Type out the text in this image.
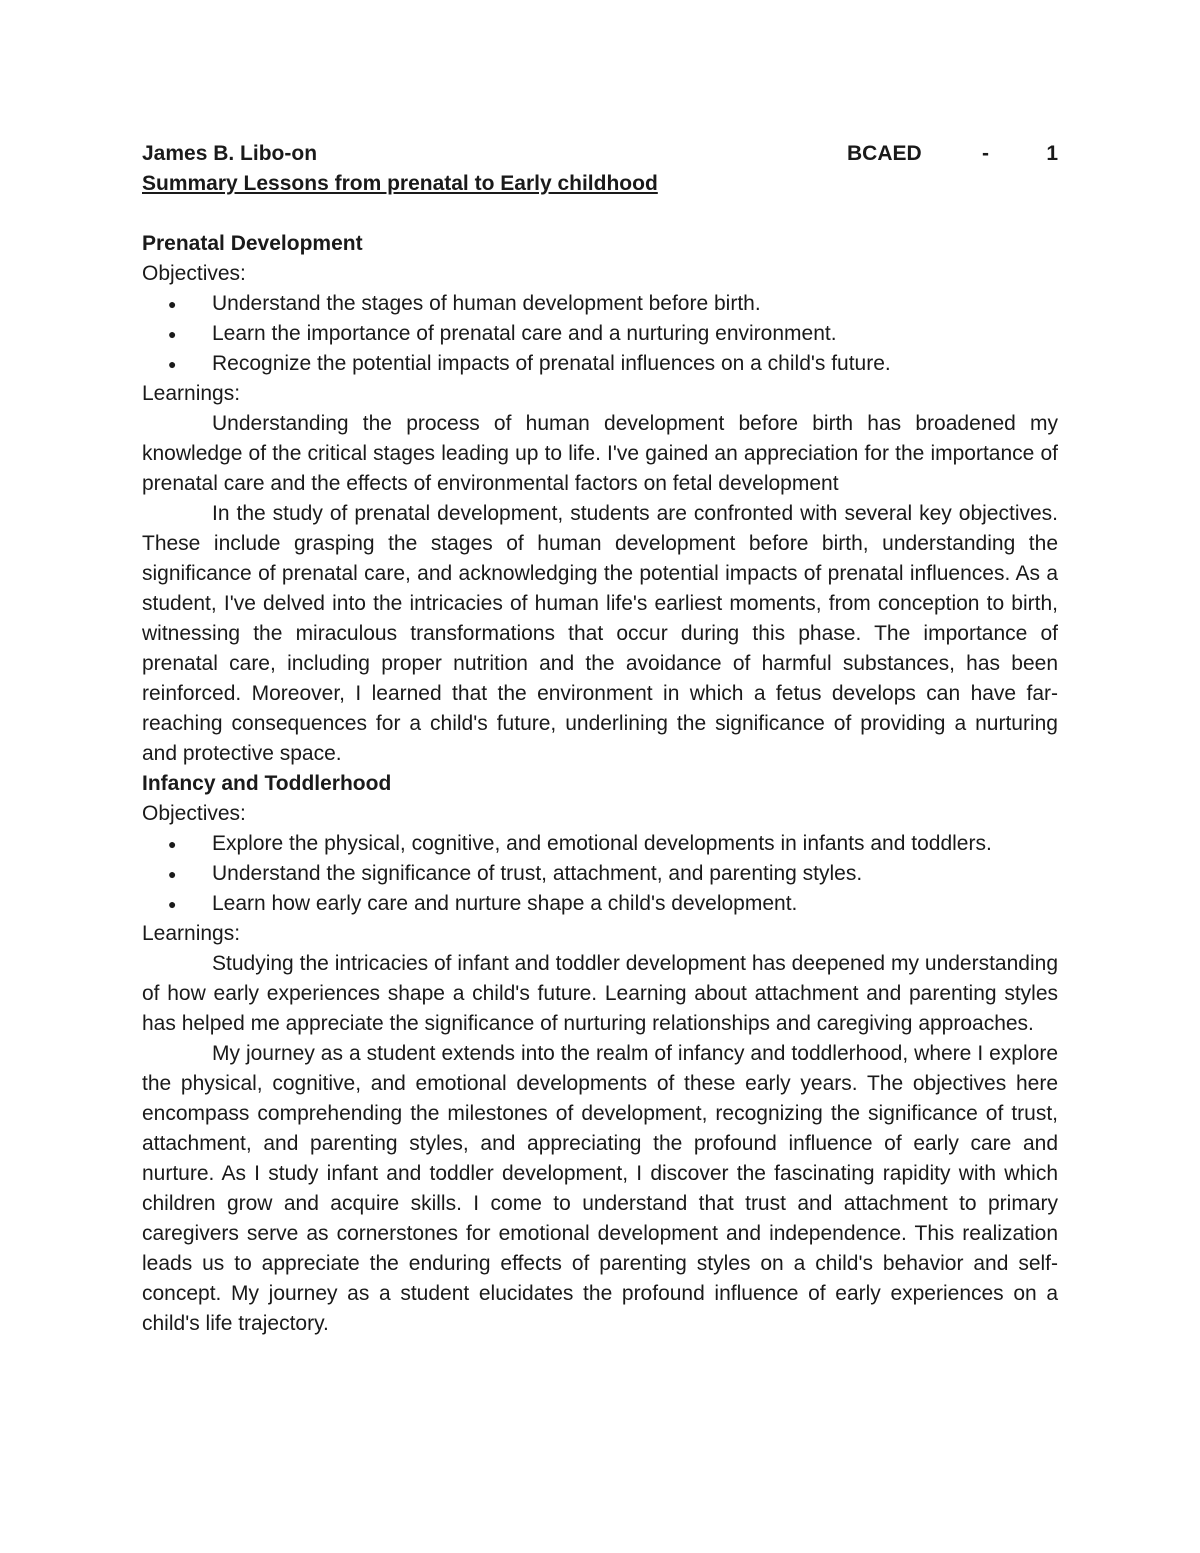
James B. Libo-on	BCAED	-	1

Summary Lessons from prenatal to Early childhood

Prenatal Development

Objectives:

● Understand the stages of human development before birth.
● Learn the importance of prenatal care and a nurturing environment.
● Recognize the potential impacts of prenatal influences on a child's future.

Learnings:

Understanding the process of human development before birth has broadened my knowledge of the critical stages leading up to life. I've gained an appreciation for the importance of prenatal care and the effects of environmental factors on fetal development

In the study of prenatal development, students are confronted with several key objectives. These include grasping the stages of human development before birth, understanding the significance of prenatal care, and acknowledging the potential impacts of prenatal influences. As a student, I've delved into the intricacies of human life's earliest moments, from conception to birth, witnessing the miraculous transformations that occur during this phase. The importance of prenatal care, including proper nutrition and the avoidance of harmful substances, has been reinforced. Moreover, I learned that the environment in which a fetus develops can have far-reaching consequences for a child's future, underlining the significance of providing a nurturing and protective space.

Infancy and Toddlerhood

Objectives:

● Explore the physical, cognitive, and emotional developments in infants and toddlers.
● Understand the significance of trust, attachment, and parenting styles.
● Learn how early care and nurture shape a child's development.

Learnings:

Studying the intricacies of infant and toddler development has deepened my understanding of how early experiences shape a child's future. Learning about attachment and parenting styles has helped me appreciate the significance of nurturing relationships and caregiving approaches.

My journey as a student extends into the realm of infancy and toddlerhood, where I explore the physical, cognitive, and emotional developments of these early years. The objectives here encompass comprehending the milestones of development, recognizing the significance of trust, attachment, and parenting styles, and appreciating the profound influence of early care and nurture. As I study infant and toddler development, I discover the fascinating rapidity with which children grow and acquire skills. I come to understand that trust and attachment to primary caregivers serve as cornerstones for emotional development and independence. This realization leads us to appreciate the enduring effects of parenting styles on a child's behavior and self-concept. My journey as a student elucidates the profound influence of early experiences on a child's life trajectory.
